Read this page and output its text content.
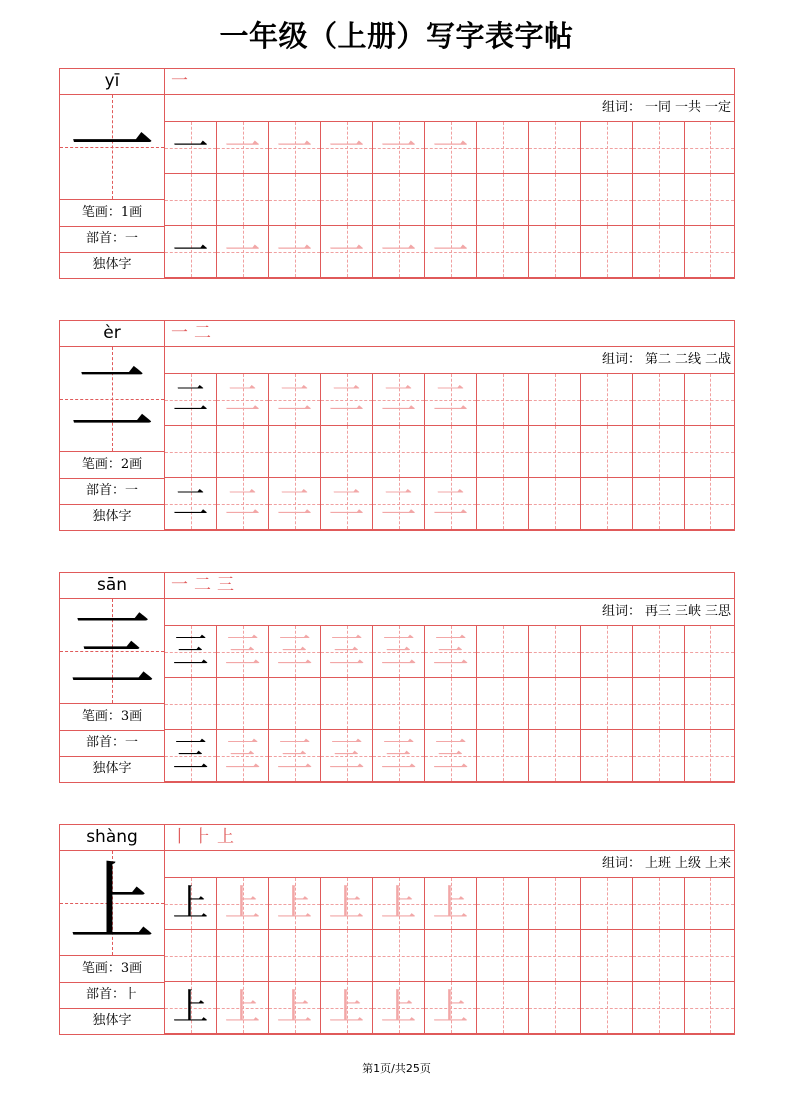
一年级（上册）写字表字帖
yī
一
笔画：1画
部首：一
独体字
一
组词： 一同 一共 一定
一 一 一 一 一 一
一 一 一 一 一 一
èr
二
笔画：2画
部首：一
独体字
一 二
组词： 第二 二线 二战
二 二 二 二 二 二
二 二 二 二 二 二
sān
三
笔画：3画
部首：一
独体字
一 二 三
组词： 再三 三峡 三思
三 三 三 三 三 三
三 三 三 三 三 三
shàng
上
笔画：3画
部首：⺊
独体字
丨 ⺊ 上
组词： 上班 上级 上来
上 上 上 上 上 上
上 上 上 上 上 上
第1页/共25页
